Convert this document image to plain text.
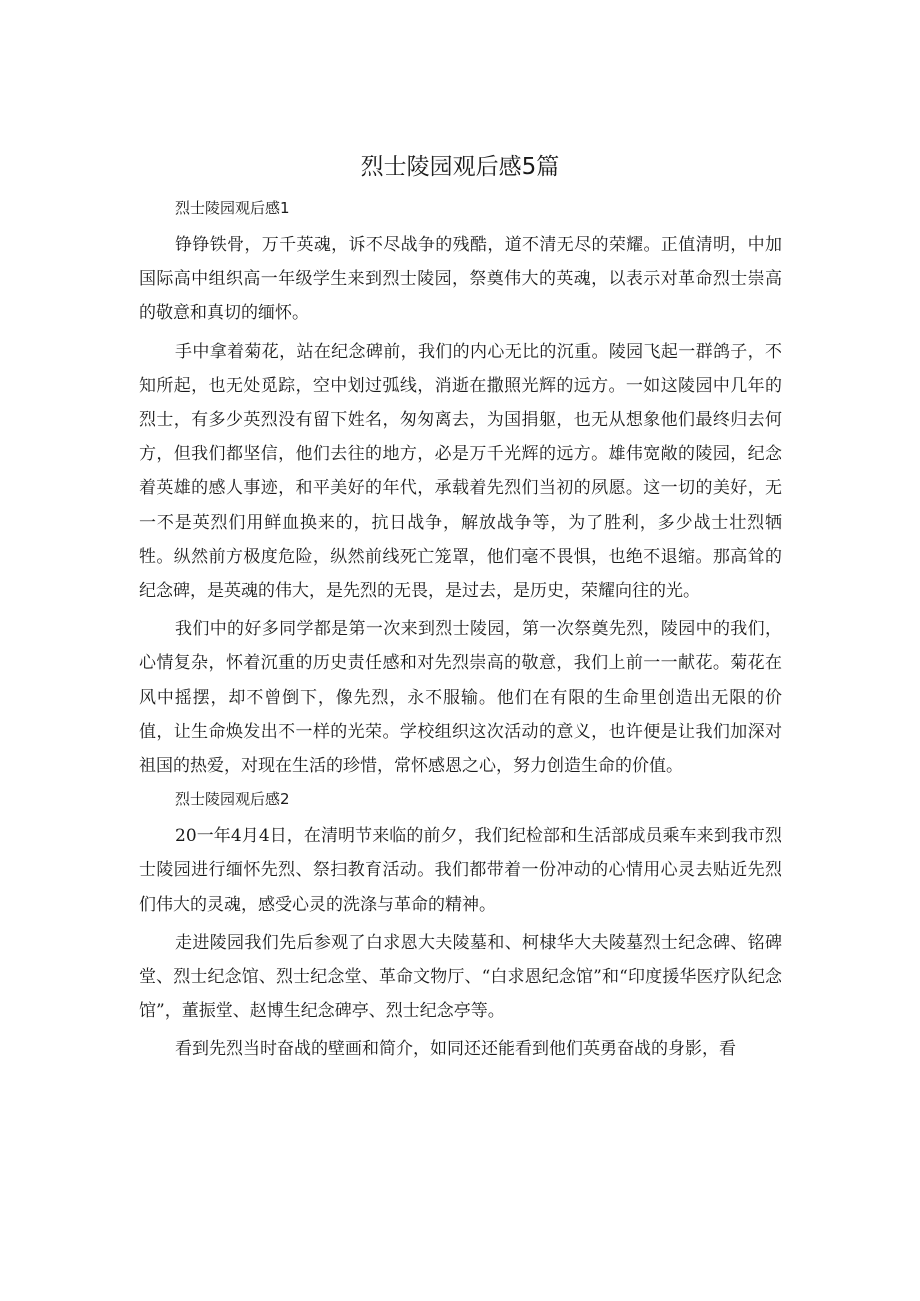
烈士陵园观后感5篇

烈士陵园观后感1

铮铮铁骨，万千英魂，诉不尽战争的残酷，道不清无尽的荣耀。正值清明，中加国际高中组织高一年级学生来到烈士陵园，祭奠伟大的英魂，以表示对革命烈士崇高的敬意和真切的缅怀。

手中拿着菊花，站在纪念碑前，我们的内心无比的沉重。陵园飞起一群鸽子，不知所起，也无处觅踪，空中划过弧线，消逝在撒照光辉的远方。一如这陵园中几年的烈士，有多少英烈没有留下姓名，匆匆离去，为国捐躯，也无从想象他们最终归去何方，但我们都坚信，他们去往的地方，必是万千光辉的远方。雄伟宽敞的陵园，纪念着英雄的感人事迹，和平美好的年代，承载着先烈们当初的夙愿。这一切的美好，无一不是英烈们用鲜血换来的，抗日战争，解放战争等，为了胜利，多少战士壮烈牺牲。纵然前方极度危险，纵然前线死亡笼罩，他们毫不畏惧，也绝不退缩。那高耸的纪念碑，是英魂的伟大，是先烈的无畏，是过去，是历史，荣耀向往的光。

我们中的好多同学都是第一次来到烈士陵园，第一次祭奠先烈，陵园中的我们，心情复杂，怀着沉重的历史责任感和对先烈崇高的敬意，我们上前一一献花。菊花在风中摇摆，却不曾倒下，像先烈，永不服输。他们在有限的生命里创造出无限的价值，让生命焕发出不一样的光荣。学校组织这次活动的意义，也许便是让我们加深对祖国的热爱，对现在生活的珍惜，常怀感恩之心，努力创造生命的价值。

烈士陵园观后感2

20一年4月4日，在清明节来临的前夕，我们纪检部和生活部成员乘车来到我市烈士陵园进行缅怀先烈、祭扫教育活动。我们都带着一份冲动的心情用心灵去贴近先烈们伟大的灵魂，感受心灵的洗涤与革命的精神。

走进陵园我们先后参观了白求恩大夫陵墓和、柯棣华大夫陵墓烈士纪念碑、铭碑堂、烈士纪念馆、烈士纪念堂、革命文物厅、“白求恩纪念馆”和“印度援华医疗队纪念馆”，董振堂、赵博生纪念碑亭、烈士纪念亭等。

看到先烈当时奋战的壁画和简介，如同还还能看到他们英勇奋战的身影，看
